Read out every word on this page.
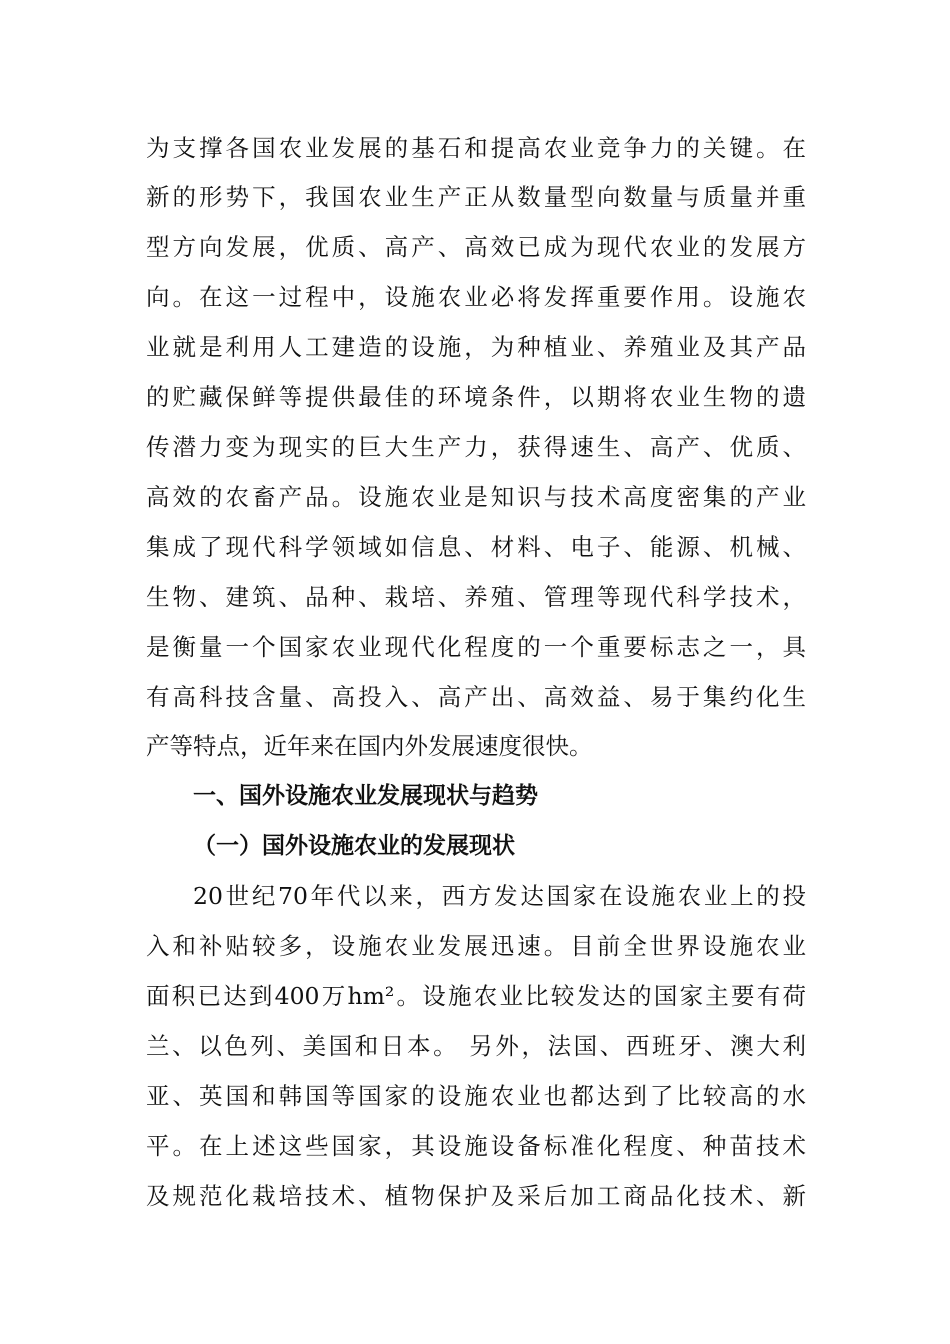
为支撑各国农业发展的基石和提高农业竞争力的关键。在
新的形势下，我国农业生产正从数量型向数量与质量并重
型方向发展，优质、高产、高效已成为现代农业的发展方
向。在这一过程中，设施农业必将发挥重要作用。设施农
业就是利用人工建造的设施，为种植业、养殖业及其产品
的贮藏保鲜等提供最佳的环境条件，以期将农业生物的遗
传潜力变为现实的巨大生产力，获得速生、高产、优质、
高效的农畜产品。设施农业是知识与技术高度密集的产业
集成了现代科学领域如信息、材料、电子、能源、机械、
生物、建筑、品种、栽培、养殖、管理等现代科学技术，
是衡量一个国家农业现代化程度的一个重要标志之一，具
有高科技含量、高投入、高产出、高效益、易于集约化生
产等特点，近年来在国内外发展速度很快。
一、国外设施农业发展现状与趋势
（一）国外设施农业的发展现状
20世纪70年代以来，西方发达国家在设施农业上的投
入和补贴较多，设施农业发展迅速。目前全世界设施农业
面积已达到400万hm²。设施农业比较发达的国家主要有荷
兰、以色列、美国和日本。 另外，法国、西班牙、澳大利
亚、英国和韩国等国家的设施农业也都达到了比较高的水
平。在上述这些国家，其设施设备标准化程度、种苗技术
及规范化栽培技术、植物保护及采后加工商品化技术、新
